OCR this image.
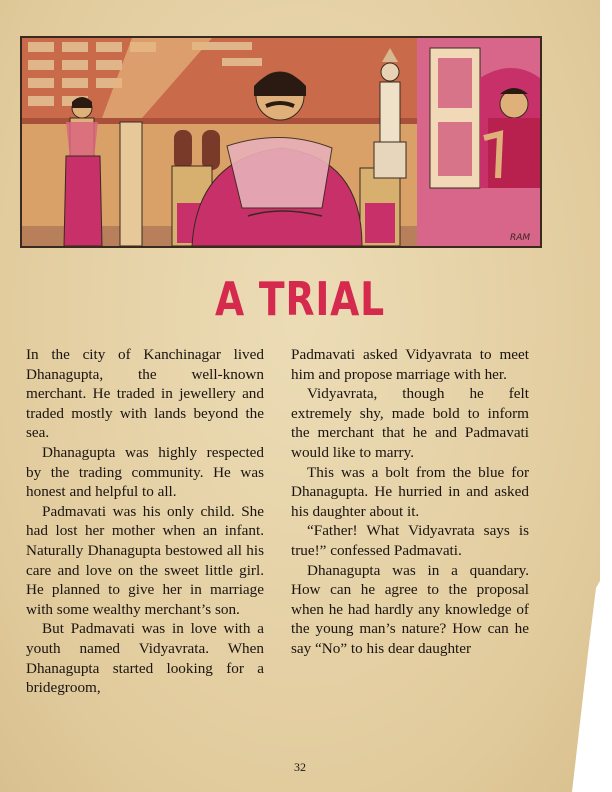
RAM
A TRIAL

In the city of Kanchinagar lived Dhanagupta, the well-known merchant. He traded in jewellery and traded mostly with lands beyond the sea.

Dhanagupta was highly respected by the trading community. He was honest and helpful to all.

Padmavati was his only child. She had lost her mother when an infant. Naturally Dhanagupta bestowed all his care and love on the sweet little girl. He planned to give her in marriage with some wealthy merchant’s son.

But Padmavati was in love with a youth named Vidyavrata. When Dhanagupta started looking for a bridegroom,

Padmavati asked Vidyavrata to meet him and propose marriage with her.

Vidyavrata, though he felt extremely shy, made bold to inform the merchant that he and Padmavati would like to marry.

This was a bolt from the blue for Dhanagupta. He hurried in and asked his daughter about it.

“Father! What Vidyavrata says is true!” confessed Padmavati.

Dhanagupta was in a quandary. How can he agree to the proposal when he had hardly any knowledge of the young man’s nature? How can he say “No” to his dear daughter

32
